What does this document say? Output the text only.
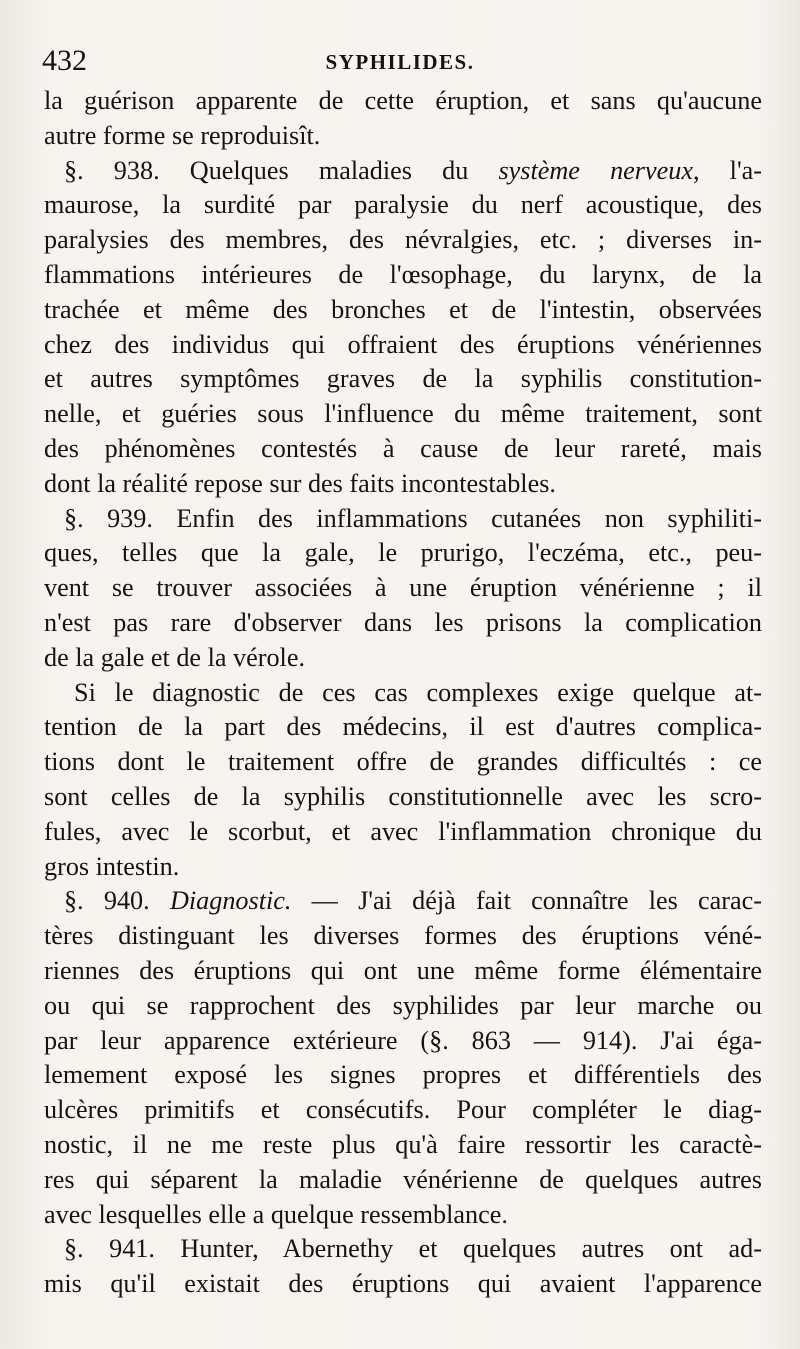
432	SYPHILIDES.
la guérison apparente de cette éruption, et sans qu'aucune
autre forme se reproduisît.
§. 938. Quelques maladies du système nerveux, l'a-
maurose, la surdité par paralysie du nerf acoustique, des
paralysies des membres, des névralgies, etc. ; diverses in-
flammations intérieures de l'œsophage, du larynx, de la
trachée et même des bronches et de l'intestin, observées
chez des individus qui offraient des éruptions vénériennes
et autres symptômes graves de la syphilis constitution-
nelle, et guéries sous l'influence du même traitement, sont
des phénomènes contestés à cause de leur rareté, mais
dont la réalité repose sur des faits incontestables.
§. 939. Enfin des inflammations cutanées non syphiliti-
ques, telles que la gale, le prurigo, l'eczéma, etc., peu-
vent se trouver associées à une éruption vénérienne ; il
n'est pas rare d'observer dans les prisons la complication
de la gale et de la vérole.
Si le diagnostic de ces cas complexes exige quelque at-
tention de la part des médecins, il est d'autres complica-
tions dont le traitement offre de grandes difficultés : ce
sont celles de la syphilis constitutionnelle avec les scro-
fules, avec le scorbut, et avec l'inflammation chronique du
gros intestin.
§. 940. Diagnostic. — J'ai déjà fait connaître les carac-
tères distinguant les diverses formes des éruptions véné-
riennes des éruptions qui ont une même forme élémentaire
ou qui se rapprochent des syphilides par leur marche ou
par leur apparence extérieure (§. 863 — 914). J'ai éga-
lemement exposé les signes propres et différentiels des
ulcères primitifs et consécutifs. Pour compléter le diag-
nostic, il ne me reste plus qu'à faire ressortir les caractè-
res qui séparent la maladie vénérienne de quelques autres
avec lesquelles elle a quelque ressemblance.
§. 941. Hunter, Abernethy et quelques autres ont ad-
mis qu'il existait des éruptions qui avaient l'apparence
